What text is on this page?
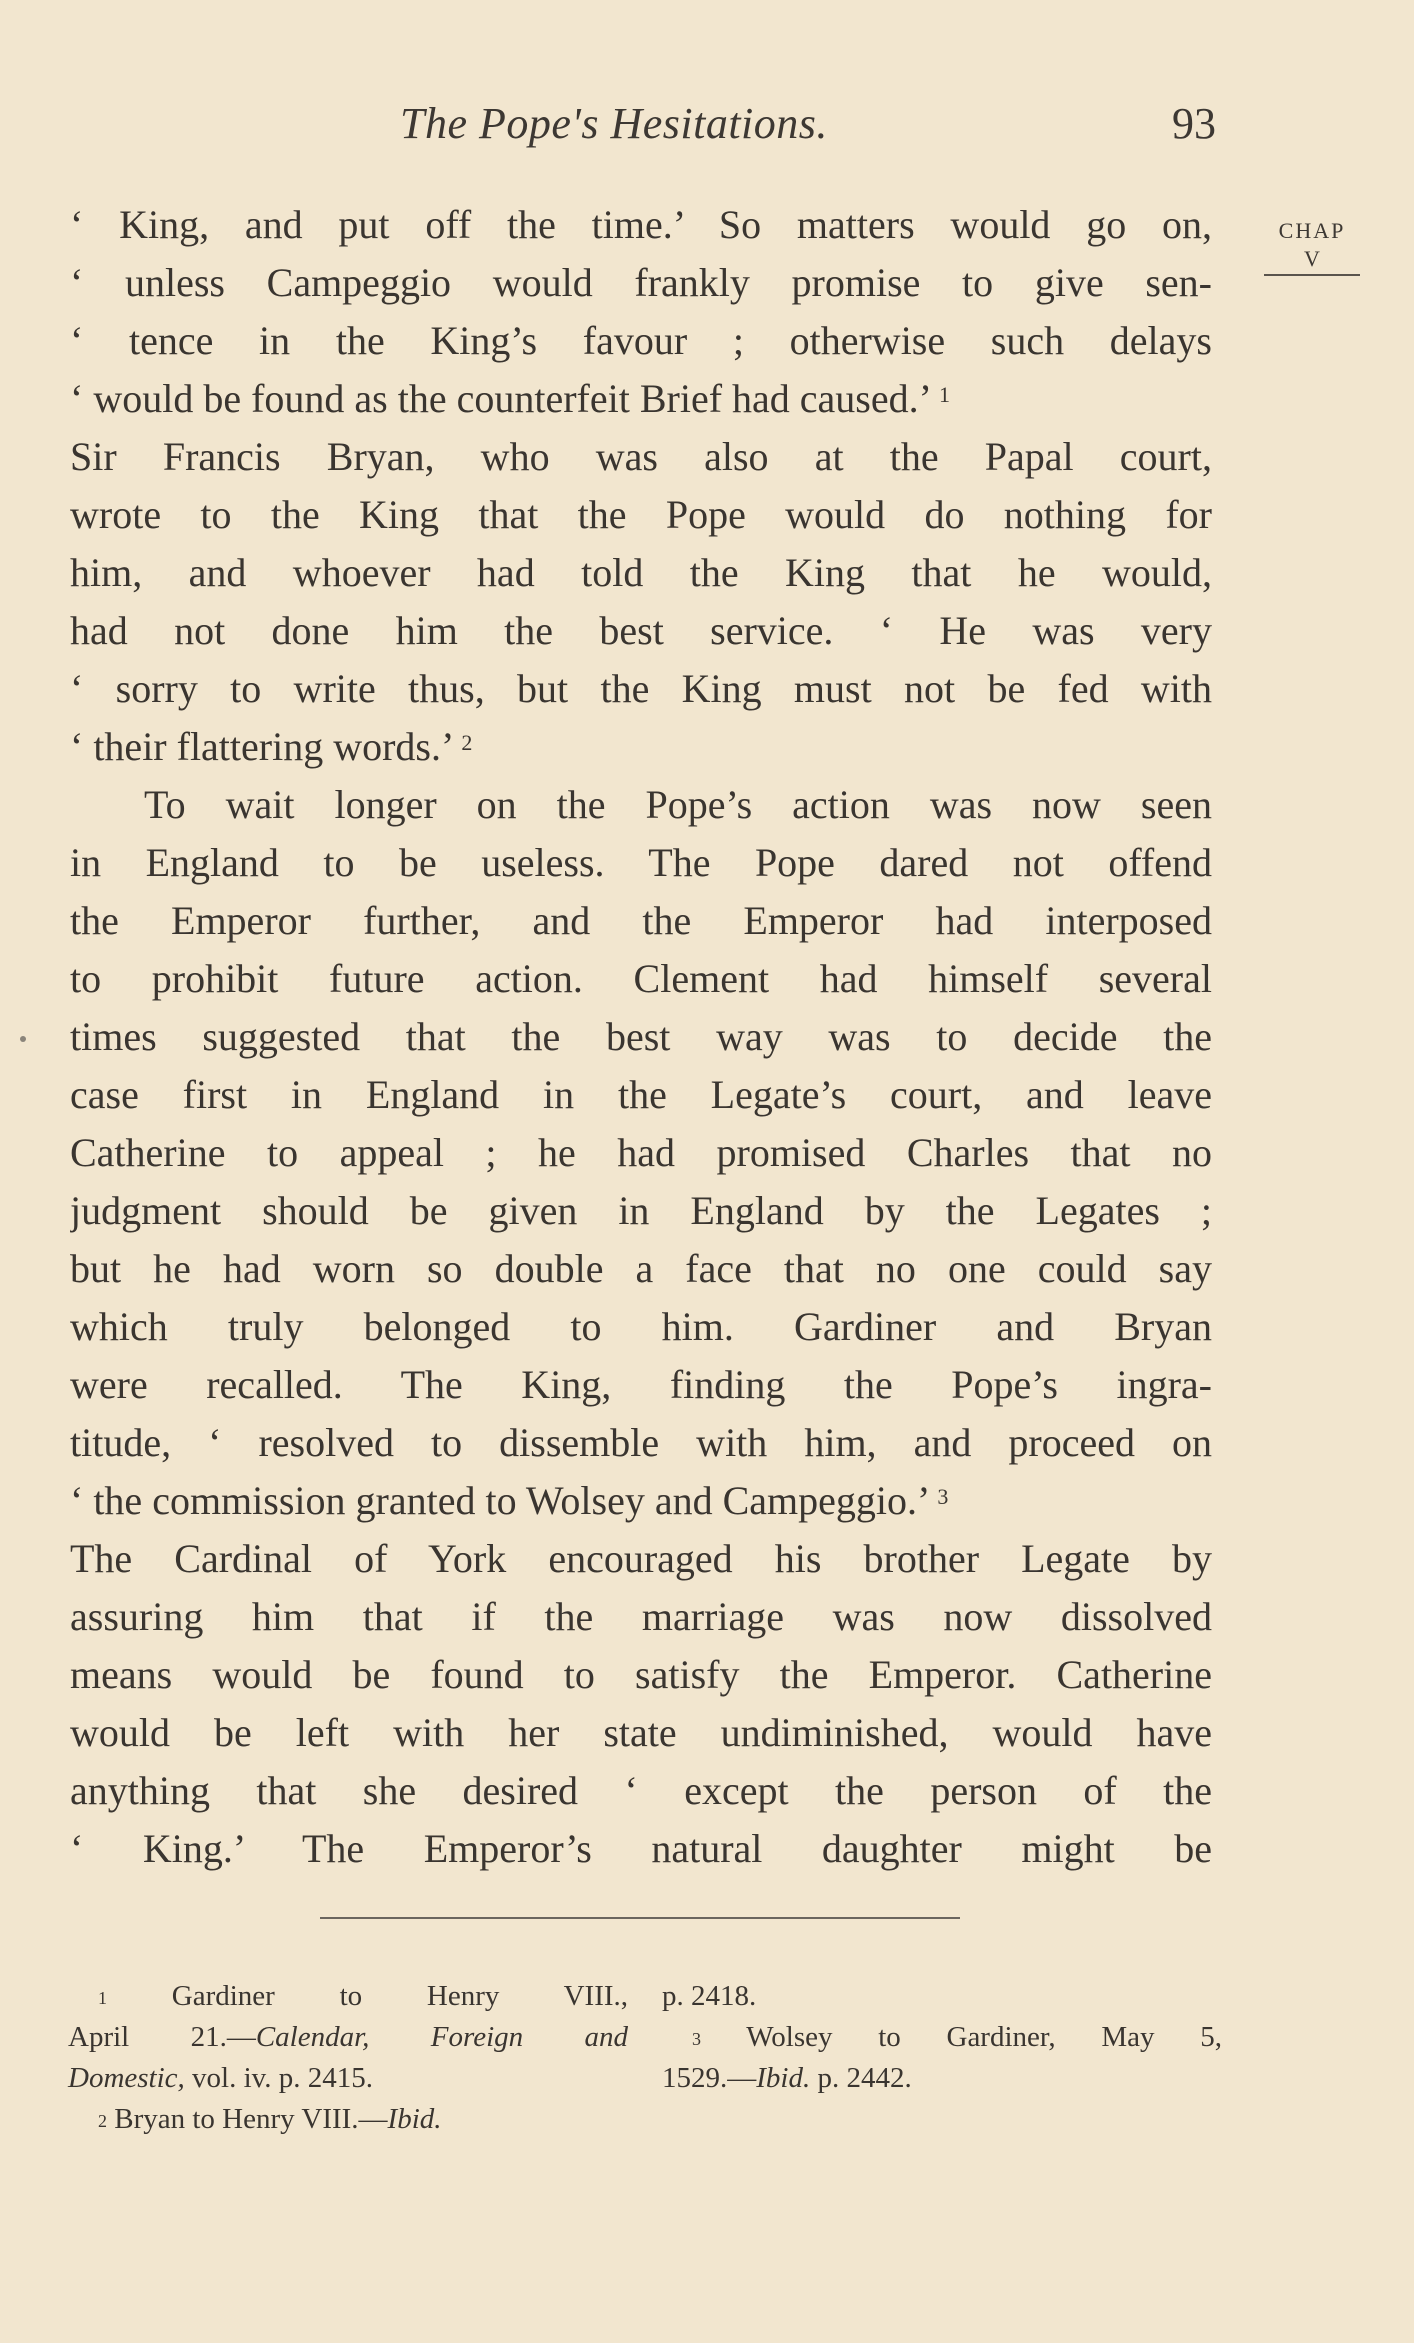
The Pope's Hesitations.	93
CHAP
V
‘ King, and put off the time.’ So matters would go on,
‘ unless Campeggio would frankly promise to give sen-
‘ tence in the King’s favour ; otherwise such delays
‘ would be found as the counterfeit Brief had caused.’ $^1$
Sir Francis Bryan, who was also at the Papal court,
wrote to the King that the Pope would do nothing for
him, and whoever had told the King that he would,
had not done him the best service. ‘ He was very
‘ sorry to write thus, but the King must not be fed with
‘ their flattering words.’ $^2$
To wait longer on the Pope’s action was now seen
in England to be useless. The Pope dared not offend
the Emperor further, and the Emperor had interposed
to prohibit future action. Clement had himself several
times suggested that the best way was to decide the
case first in England in the Legate’s court, and leave
Catherine to appeal ; he had promised Charles that no
judgment should be given in England by the Legates ;
but he had worn so double a face that no one could say
which truly belonged to him. Gardiner and Bryan
were recalled. The King, finding the Pope’s ingra-
titude, ‘ resolved to dissemble with him, and proceed on
‘ the commission granted to Wolsey and Campeggio.’ $^3$
The Cardinal of York encouraged his brother Legate by
assuring him that if the marriage was now dissolved
means would be found to satisfy the Emperor. Catherine
would be left with her state undiminished, would have
anything that she desired ‘ except the person of the
‘ King.’ The Emperor’s natural daughter might be
$^1$ Gardiner to Henry VIII.,
April 21.—Calendar, Foreign and
Domestic, vol. iv. p. 2415.
$^2$ Bryan to Henry VIII.—Ibid.
p. 2418.
$^3$ Wolsey to Gardiner, May 5,
1529.—Ibid. p. 2442.
